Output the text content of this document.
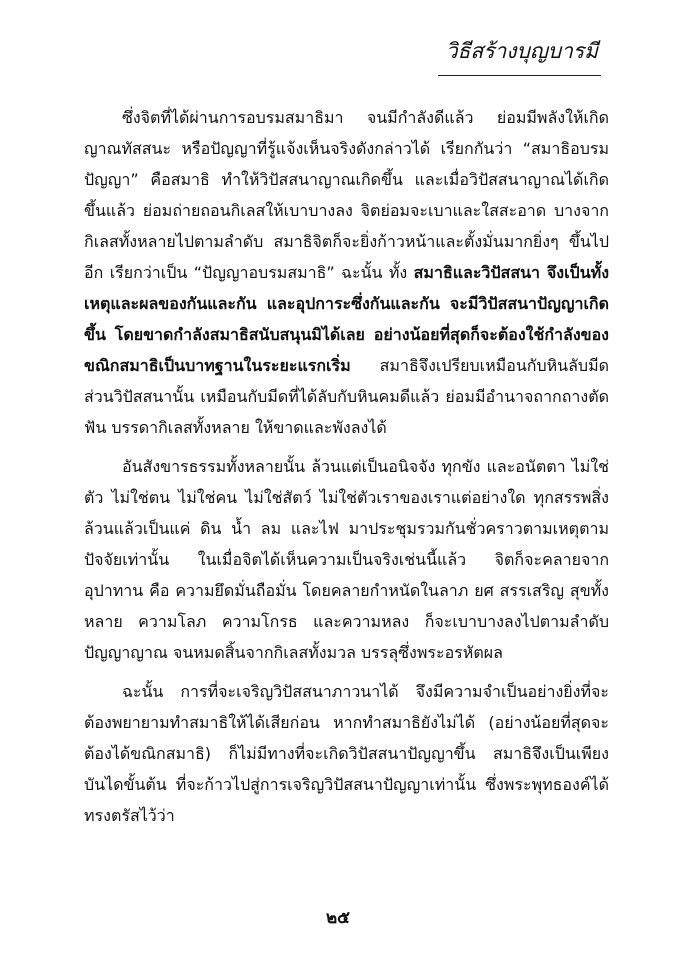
วิธีสร้างบุญบารมี

ซึ่งจิตที่ได้ผ่านการอบรมสมาธิมา จนมีกำลังดีแล้ว ย่อมมีพลังให้เกิดญาณทัสสนะ หรือปัญญาที่รู้แจ้งเห็นจริงดังกล่าวได้ เรียกกันว่า “สมาธิอบรมปัญญา” คือสมาธิ ทำให้วิปัสสนาญาณเกิดขึ้น และเมื่อวิปัสสนาญาณได้เกิดขึ้นแล้ว ย่อมถ่ายถอนกิเลสให้เบาบางลง จิตย่อมจะเบาและใสสะอาด บางจากกิเลสทั้งหลายไปตามลำดับ สมาธิจิตก็จะยิ่งก้าวหน้าและตั้งมั่นมากยิ่งๆ ขึ้นไปอีก เรียกว่าเป็น “ปัญญาอบรมสมาธิ” ฉะนั้น ทั้ง สมาธิและวิปัสสนา จึงเป็นทั้งเหตุและผลของกันและกัน และอุปการะซึ่งกันและกัน จะมีวิปัสสนาปัญญาเกิดขึ้น โดยขาดกำลังสมาธิสนับสนุนมิได้เลย อย่างน้อยที่สุดก็จะต้องใช้กำลังของขณิกสมาธิเป็นบาทฐานในระยะแรกเริ่ม สมาธิจึงเปรียบเหมือนกับหินลับมีด ส่วนวิปัสสนานั้น เหมือนกับมีดที่ได้ลับกับหินคมดีแล้ว ย่อมมีอำนาจถากถางตัดฟัน บรรดากิเลสทั้งหลาย ให้ขาดและพังลงได้

อันสังขารธรรมทั้งหลายนั้น ล้วนแต่เป็นอนิจจัง ทุกขัง และอนัตตา ไม่ใช่ตัว ไม่ใช่ตน ไม่ใช่คน ไม่ใช่สัตว์ ไม่ใช่ตัวเราของเราแต่อย่างใด ทุกสรรพสิ่งล้วนแล้วเป็นแค่ ดิน น้ำ ลม และไฟ มาประชุมรวมกันชั่วคราวตามเหตุตามปัจจัยเท่านั้น ในเมื่อจิตได้เห็นความเป็นจริงเช่นนี้แล้ว จิตก็จะคลายจากอุปาทาน คือ ความยึดมั่นถือมั่น โดยคลายกำหนัดในลาภ ยศ สรรเสริญ สุขทั้งหลาย ความโลภ ความโกรธ และความหลง ก็จะเบาบางลงไปตามลำดับปัญญาญาณ จนหมดสิ้นจากกิเลสทั้งมวล บรรลุซึ่งพระอรหัตผล

ฉะนั้น การที่จะเจริญวิปัสสนาภาวนาได้ จึงมีความจำเป็นอย่างยิ่งที่จะต้องพยายามทำสมาธิให้ได้เสียก่อน หากทำสมาธิยังไม่ได้ (อย่างน้อยที่สุดจะต้องได้ขณิกสมาธิ) ก็ไม่มีทางที่จะเกิดวิปัสสนาปัญญาขึ้น สมาธิจึงเป็นเพียงบันไดขั้นต้น ที่จะก้าวไปสู่การเจริญวิปัสสนาปัญญาเท่านั้น ซึ่งพระพุทธองค์ได้ทรงตรัสไว้ว่า

๒๕
